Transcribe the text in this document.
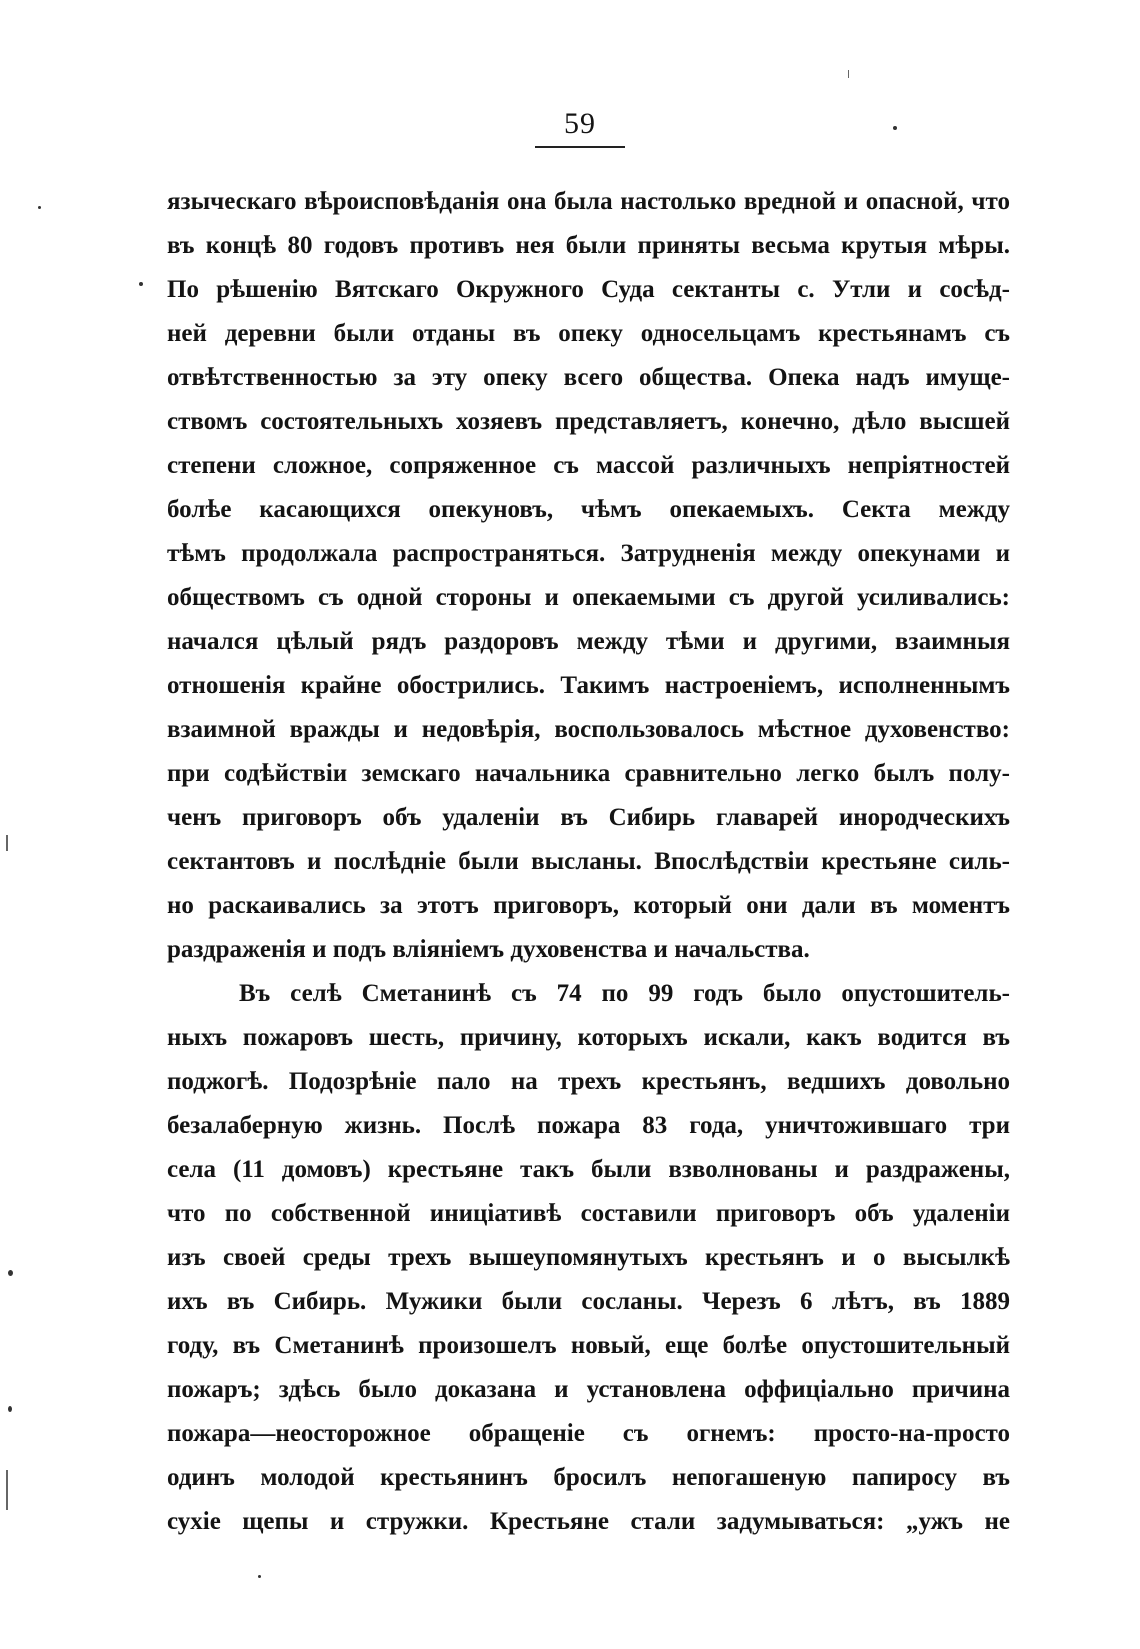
59
языческаго вѣроисповѣданія она была настолько вредной и опасной, что
въ концѣ 80 годовъ противъ нея были приняты весьма крутыя мѣры.
По рѣшенію Вятскаго Окружного Суда сектанты с. Утли и сосѣд-
ней деревни были отданы въ опеку односельцамъ крестьянамъ съ
отвѣтственностью за эту опеку всего общества. Опека надъ имуще-
ствомъ состоятельныхъ хозяевъ представляетъ, конечно, дѣло высшей
степени сложное, сопряженное съ массой различныхъ непріятностей
болѣе касающихся опекуновъ, чѣмъ опекаемыхъ. Секта между
тѣмъ продолжала распространяться. Затрудненія между опекунами и
обществомъ съ одной стороны и опекаемыми съ другой усиливались:
начался цѣлый рядъ раздоровъ между тѣми и другими, взаимныя
отношенія крайне обострились. Такимъ настроеніемъ, исполненнымъ
взаимной вражды и недовѣрія, воспользовалось мѣстное духовенство:
при содѣйствіи земскаго начальника сравнительно легко былъ полу-
ченъ приговоръ объ удаленіи въ Сибирь главарей инородческихъ
сектантовъ и послѣдніе были высланы. Впослѣдствіи крестьяне силь-
но раскаивались за этотъ приговоръ, который они дали въ моментъ
раздраженія и подъ вліяніемъ духовенства и начальства.
Въ селѣ Сметанинѣ съ 74 по 99 годъ было опустошитель-
ныхъ пожаровъ шесть, причину, которыхъ искали, какъ водится въ
поджогѣ. Подозрѣніе пало на трехъ крестьянъ, ведшихъ довольно
безалаберную жизнь. Послѣ пожара 83 года, уничтожившаго три
села (11 домовъ) крестьяне такъ были взволнованы и раздражены,
что по собственной иниціативѣ составили приговоръ объ удаленіи
изъ своей среды трехъ вышеупомянутыхъ крестьянъ и о высылкѣ
ихъ въ Сибирь. Мужики были сосланы. Черезъ 6 лѣтъ, въ 1889
году, въ Сметанинѣ произошелъ новый, еще болѣе опустошительный
пожаръ; здѣсь было доказана и установлена оффиціально причина
пожара—неосторожное обращеніе съ огнемъ: просто-на-просто
одинъ молодой крестьянинъ бросилъ непогашеную папиросу въ
сухіе щепы и стружки. Крестьяне стали задумываться: „ужъ не
